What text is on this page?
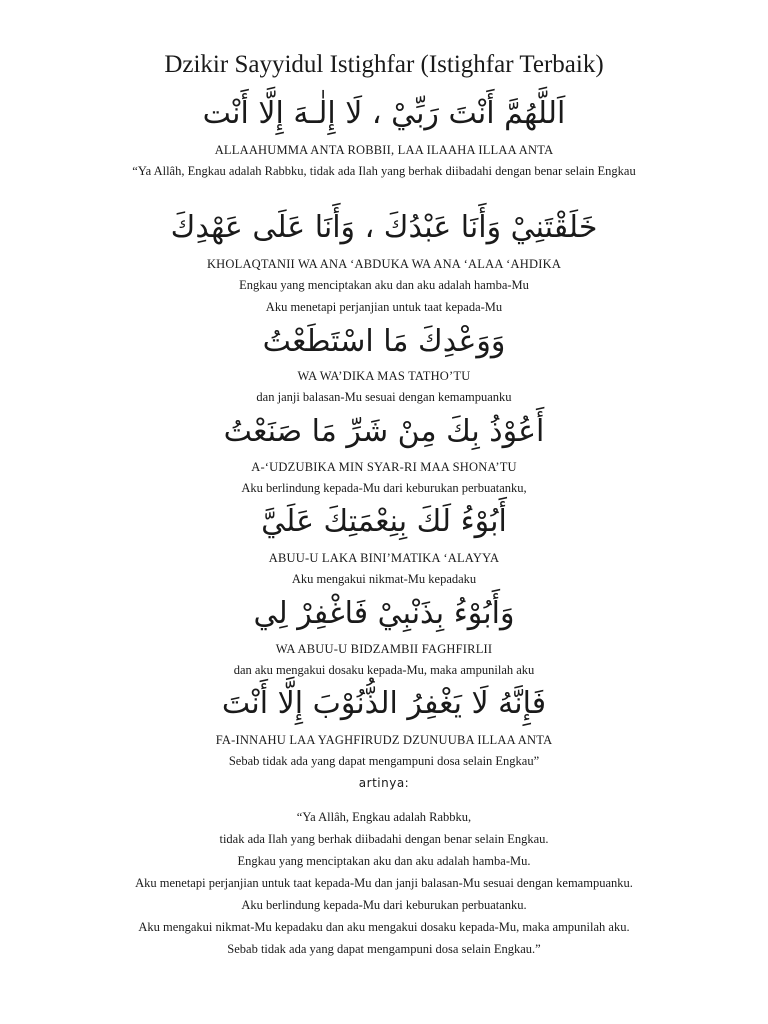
Dzikir Sayyidul Istighfar (Istighfar Terbaik)
اَللَّهُمَّ أَنْتَ رَبِّيْ ، لَا إِلٰـهَ إِلَّا أَنْت
ALLAAHUMMA ANTA ROBBII, LAA ILAAHA ILLAA ANTA
“Ya Allâh, Engkau adalah Rabbku, tidak ada Ilah yang berhak diibadahi dengan benar selain Engkau
خَلَقْتَنِيْ وَأَنَا عَبْدُكَ ، وَأَنَا عَلَى عَهْدِكَ
KHOLAQTANII WA ANA ‘ABDUKA WA ANA ‘ALAA ‘AHDIKA
Engkau yang menciptakan aku dan aku adalah hamba-Mu
Aku menetapi perjanjian untuk taat kepada-Mu
وَوَعْدِكَ مَا اسْتَطَعْتُ
WA WA’DIKA MAS TATHO’TU
dan janji balasan-Mu sesuai dengan kemampuanku
أَعُوْذُ بِكَ مِنْ شَرِّ مَا صَنَعْتُ
A-‘UDZUBIKA MIN SYAR-RI MAA SHONA’TU
Aku berlindung kepada-Mu dari keburukan perbuatanku,
أَبُوْءُ لَكَ بِنِعْمَتِكَ عَلَيَّ
ABUU-U LAKA BINI’MATIKA ‘ALAYYA
Aku mengakui nikmat-Mu kepadaku
وَأَبُوْءُ بِذَنْبِيْ فَاغْفِرْ لِي
WA ABUU-U BIDZAMBII FAGHFIRLII
dan aku mengakui dosaku kepada-Mu, maka ampunilah aku
فَإِنَّهُ لَا يَغْفِرُ الذُّنُوْبَ إِلَّا أَنْتَ
FA-INNAHU LAA YAGHFIRUDZ DZUNUUBA ILLAA ANTA
Sebab tidak ada yang dapat mengampuni dosa selain Engkau”
artinya:
“Ya Allâh, Engkau adalah Rabbku,
tidak ada Ilah yang berhak diibadahi dengan benar selain Engkau.
Engkau yang menciptakan aku dan aku adalah hamba-Mu.
Aku menetapi perjanjian untuk taat kepada-Mu dan janji balasan-Mu sesuai dengan kemampuanku.
Aku berlindung kepada-Mu dari keburukan perbuatanku.
Aku mengakui nikmat-Mu kepadaku dan aku mengakui dosaku kepada-Mu, maka ampunilah aku.
Sebab tidak ada yang dapat mengampuni dosa selain Engkau.”
